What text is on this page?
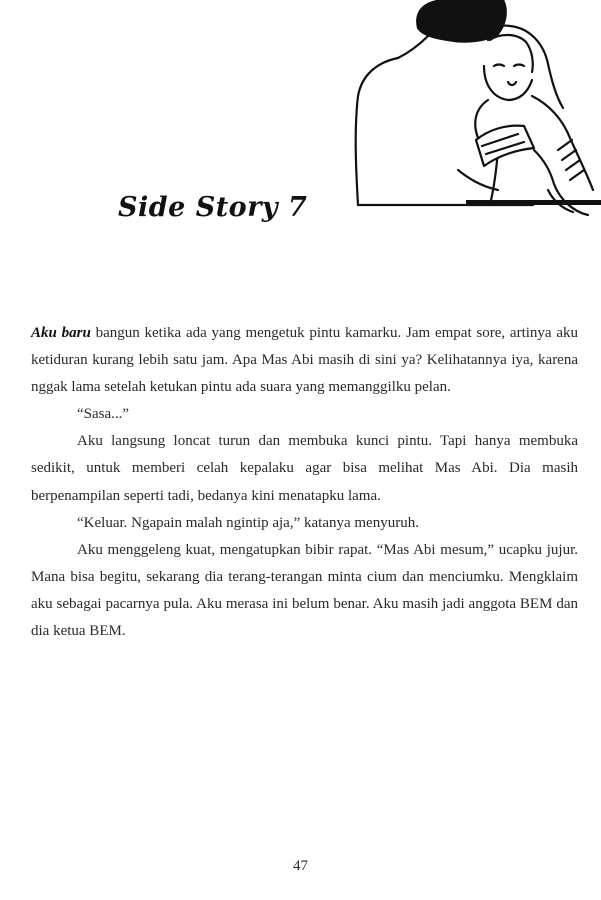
Side Story 7

Aku baru bangun ketika ada yang mengetuk pintu kamarku. Jam empat sore, artinya aku ketiduran kurang lebih satu jam. Apa Mas Abi masih di sini ya? Kelihatannya iya, karena nggak lama setelah ketukan pintu ada suara yang memanggilku pelan.

“Sasa...”

Aku langsung loncat turun dan membuka kunci pintu. Tapi hanya membuka sedikit, untuk memberi celah kepalaku agar bisa melihat Mas Abi. Dia masih berpenampilan seperti tadi, bedanya kini menatapku lama.

“Keluar. Ngapain malah ngintip aja,” katanya menyuruh.

Aku menggeleng kuat, mengatupkan bibir rapat. “Mas Abi mesum,” ucapku jujur. Mana bisa begitu, sekarang dia terang-terangan minta cium dan menciumku. Mengklaim aku sebagai pacarnya pula. Aku merasa ini belum benar. Aku masih jadi anggota BEM dan dia ketua BEM.

47
